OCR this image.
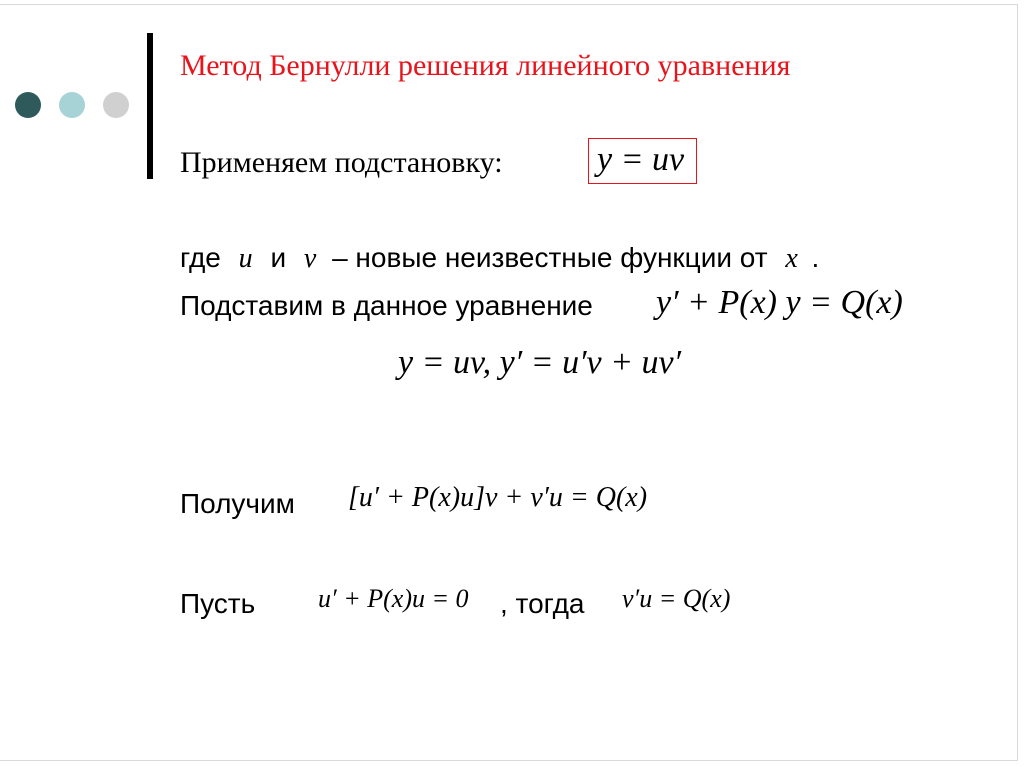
Метод Бернулли решения линейного уравнения
Применяем подстановку:	y = uv
где u и v – новые неизвестные функции от x .
Подставим в данное уравнение y′ + P(x) y = Q(x)
y = uv, y′ = u′v + uv′
Получим [u′ + P(x)u]v + v′u = Q(x)
Пусть u′ + P(x)u = 0 , тогда v′u = Q(x)
